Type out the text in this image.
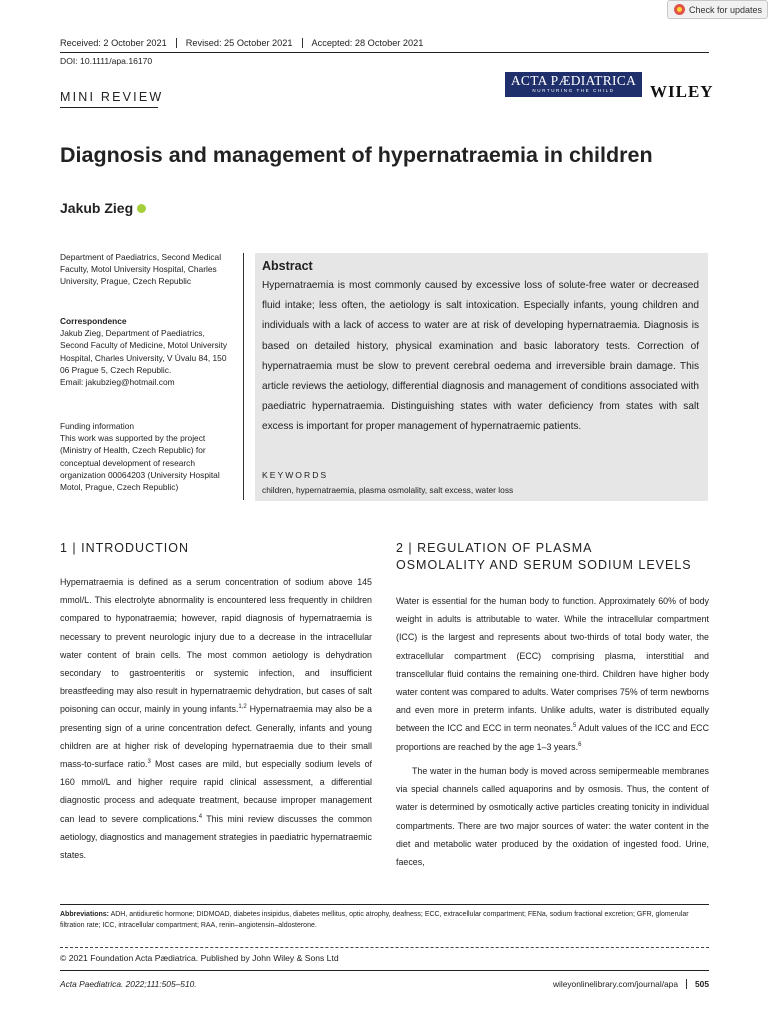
Check for updates
Received: 2 October 2021	Revised: 25 October 2021	Accepted: 28 October 2021
DOI: 10.1111/apa.16170
MINI REVIEW
ACTA PÆDIATRICA
NURTURING THE CHILD	WILEY
Diagnosis and management of hypernatraemia in children
Jakub Zieg
Department of Paediatrics, Second Medical Faculty, Motol University Hospital, Charles University, Prague, Czech Republic
Correspondence
Jakub Zieg, Department of Paediatrics, Second Faculty of Medicine, Motol University Hospital, Charles University, V Úvalu 84, 150 06 Prague 5, Czech Republic.
Email: jakubzieg@hotmail.com
Funding information
This work was supported by the project (Ministry of Health, Czech Republic) for conceptual development of research organization 00064203 (University Hospital Motol, Prague, Czech Republic)
Abstract
Hypernatraemia is most commonly caused by excessive loss of solute-free water or decreased fluid intake; less often, the aetiology is salt intoxication. Especially infants, young children and individuals with a lack of access to water are at risk of developing hypernatraemia. Diagnosis is based on detailed history, physical examination and basic laboratory tests. Correction of hypernatraemia must be slow to prevent cerebral oedema and irreversible brain damage. This article reviews the aetiology, differential diagnosis and management of conditions associated with paediatric hypernatraemia. Distinguishing states with water deficiency from states with salt excess is important for proper management of hypernatraemic patients.
KEYWORDS
children, hypernatraemia, plasma osmolality, salt excess, water loss
1 | INTRODUCTION
Hypernatraemia is defined as a serum concentration of sodium above 145 mmol/L. This electrolyte abnormality is encountered less frequently in children compared to hyponatraemia; however, rapid diagnosis of hypernatraemia is necessary to prevent neurologic injury due to a decrease in the intracellular water content of brain cells. The most common aetiology is dehydration secondary to gastroenteritis or systemic infection, and insufficient breastfeeding may also result in hypernatraemic dehydration, but cases of salt poisoning can occur, mainly in young infants.$^{1,2}$ Hypernatraemia may also be a presenting sign of a urine concentration defect. Generally, infants and young children are at higher risk of developing hypernatraemia due to their small mass-to-surface ratio.$^3$ Most cases are mild, but especially sodium levels of 160 mmol/L and higher require rapid clinical assessment, a differential diagnostic process and adequate treatment, because improper management can lead to severe complications.$^4$ This mini review discusses the common aetiology, diagnostics and management strategies in paediatric hypernatraemic states.
2 | REGULATION OF PLASMA
OSMOLALITY AND SERUM SODIUM LEVELS
Water is essential for the human body to function. Approximately 60% of body weight in adults is attributable to water. While the intracellular compartment (ICC) is the largest and represents about two-thirds of total body water, the extracellular compartment (ECC) comprising plasma, interstitial and transcellular fluid contains the remaining one-third. Children have higher body water content was compared to adults. Water comprises 75% of term newborns and even more in preterm infants. Unlike adults, water is distributed equally between the ICC and ECC in term neonates.$^5$ Adult values of the ICC and ECC proportions are reached by the age 1–3 years.$^6$
The water in the human body is moved across semipermeable membranes via special channels called aquaporins and by osmosis. Thus, the content of water is determined by osmotically active particles creating tonicity in individual compartments. There are two major sources of water: the water content in the diet and metabolic water produced by the oxidation of ingested food. Urine, faeces,
Abbreviations: ADH, antidiuretic hormone; DIDMOAD, diabetes insipidus, diabetes mellitus, optic atrophy, deafness; ECC, extracellular compartment; FENa, sodium fractional excretion; GFR, glomerular filtration rate; ICC, intracellular compartment; RAA, renin–angiotensin–aldosterone.
© 2021 Foundation Acta Pædiatrica. Published by John Wiley & Sons Ltd
Acta Paediatrica. 2022;111:505–510.	wileyonlinelibrary.com/journal/apa	505
